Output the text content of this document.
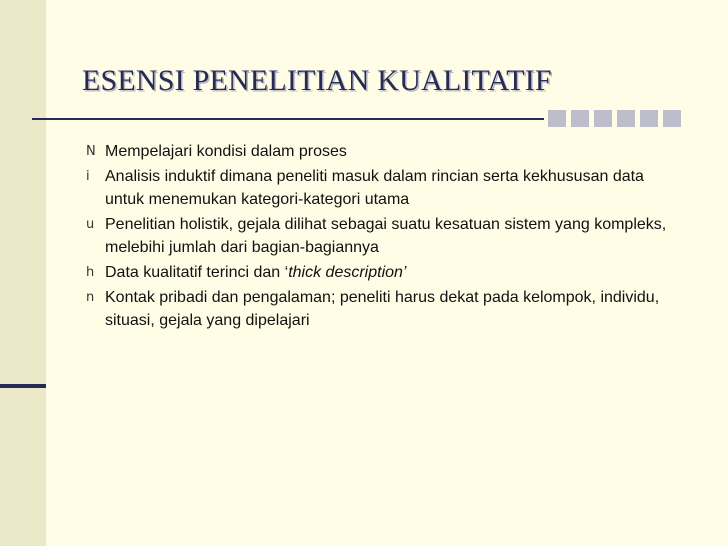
ESENSI PENELITIAN KUALITATIF
N Mempelajari kondisi dalam proses
i Analisis induktif dimana peneliti masuk dalam rincian serta kekhususan data untuk menemukan kategori-kategori utama
u Penelitian holistik, gejala dilihat sebagai suatu kesatuan sistem yang kompleks, melebihi jumlah dari bagian-bagiannya
h Data kualitatif terinci dan ‘thick description’
n Kontak pribadi dan pengalaman; peneliti harus dekat pada kelompok, individu, situasi, gejala yang dipelajari
